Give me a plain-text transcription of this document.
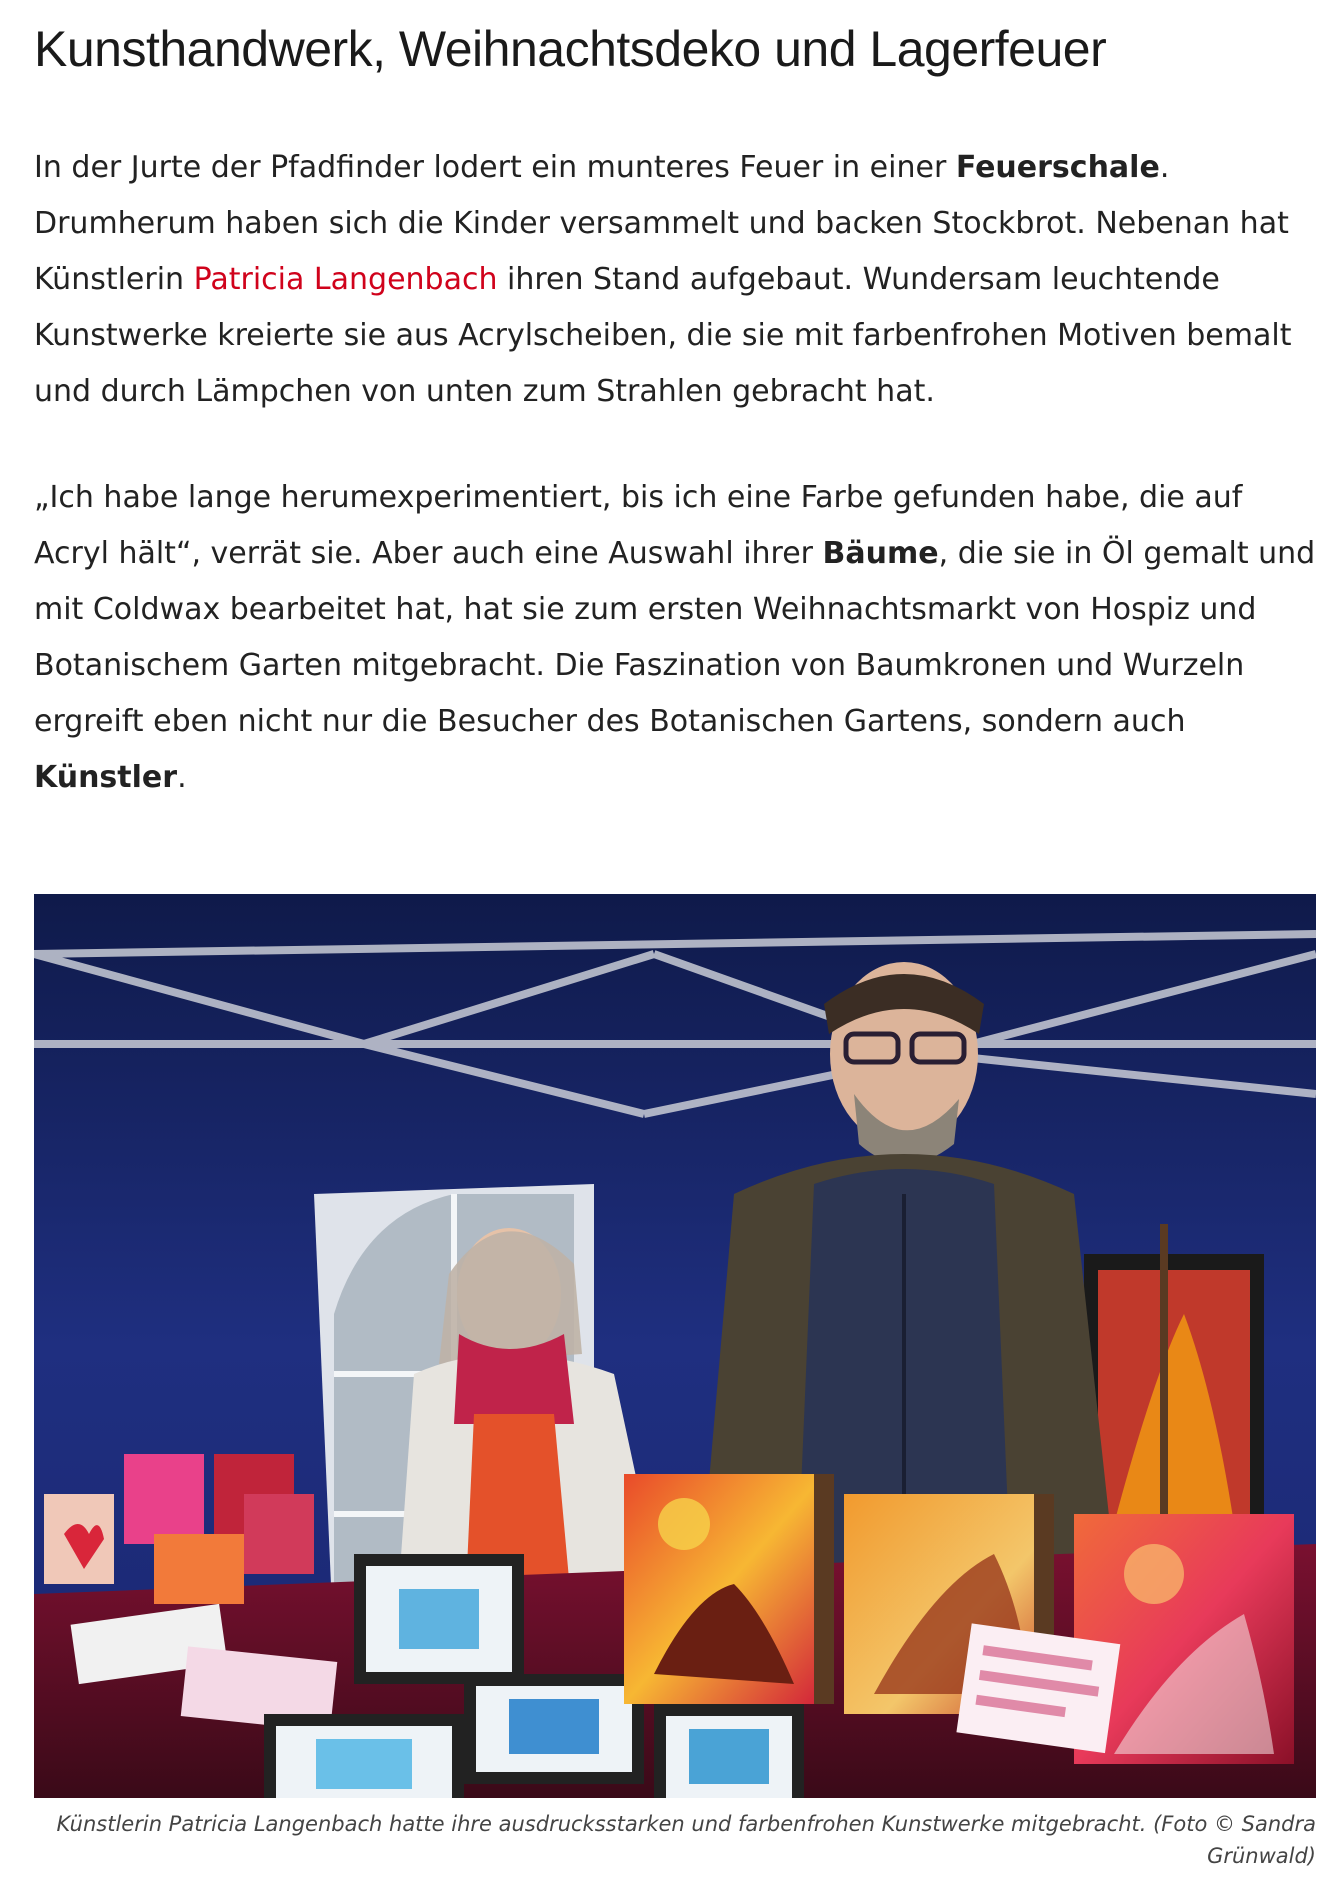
Kunsthandwerk, Weihnachtsdeko und Lagerfeuer

In der Jurte der Pfadfinder lodert ein munteres Feuer in einer Feuerschale. Drumherum haben sich die Kinder versammelt und backen Stockbrot. Nebenan hat Künstlerin Patricia Langenbach ihren Stand aufgebaut. Wundersam leuchtende Kunstwerke kreierte sie aus Acrylscheiben, die sie mit farbenfrohen Motiven bemalt und durch Lämpchen von unten zum Strahlen gebracht hat.

„Ich habe lange herumexperimentiert, bis ich eine Farbe gefunden habe, die auf Acryl hält“, verrät sie. Aber auch eine Auswahl ihrer Bäume, die sie in Öl gemalt und mit Coldwax bearbeitet hat, hat sie zum ersten Weihnachtsmarkt von Hospiz und Botanischem Garten mitgebracht. Die Faszination von Baumkronen und Wurzeln ergreift eben nicht nur die Besucher des Botanischen Gartens, sondern auch Künstler.

Künstlerin Patricia Langenbach hatte ihre ausdrucksstarken und farbenfrohen Kunstwerke mitgebracht. (Foto © Sandra Grünwald)
